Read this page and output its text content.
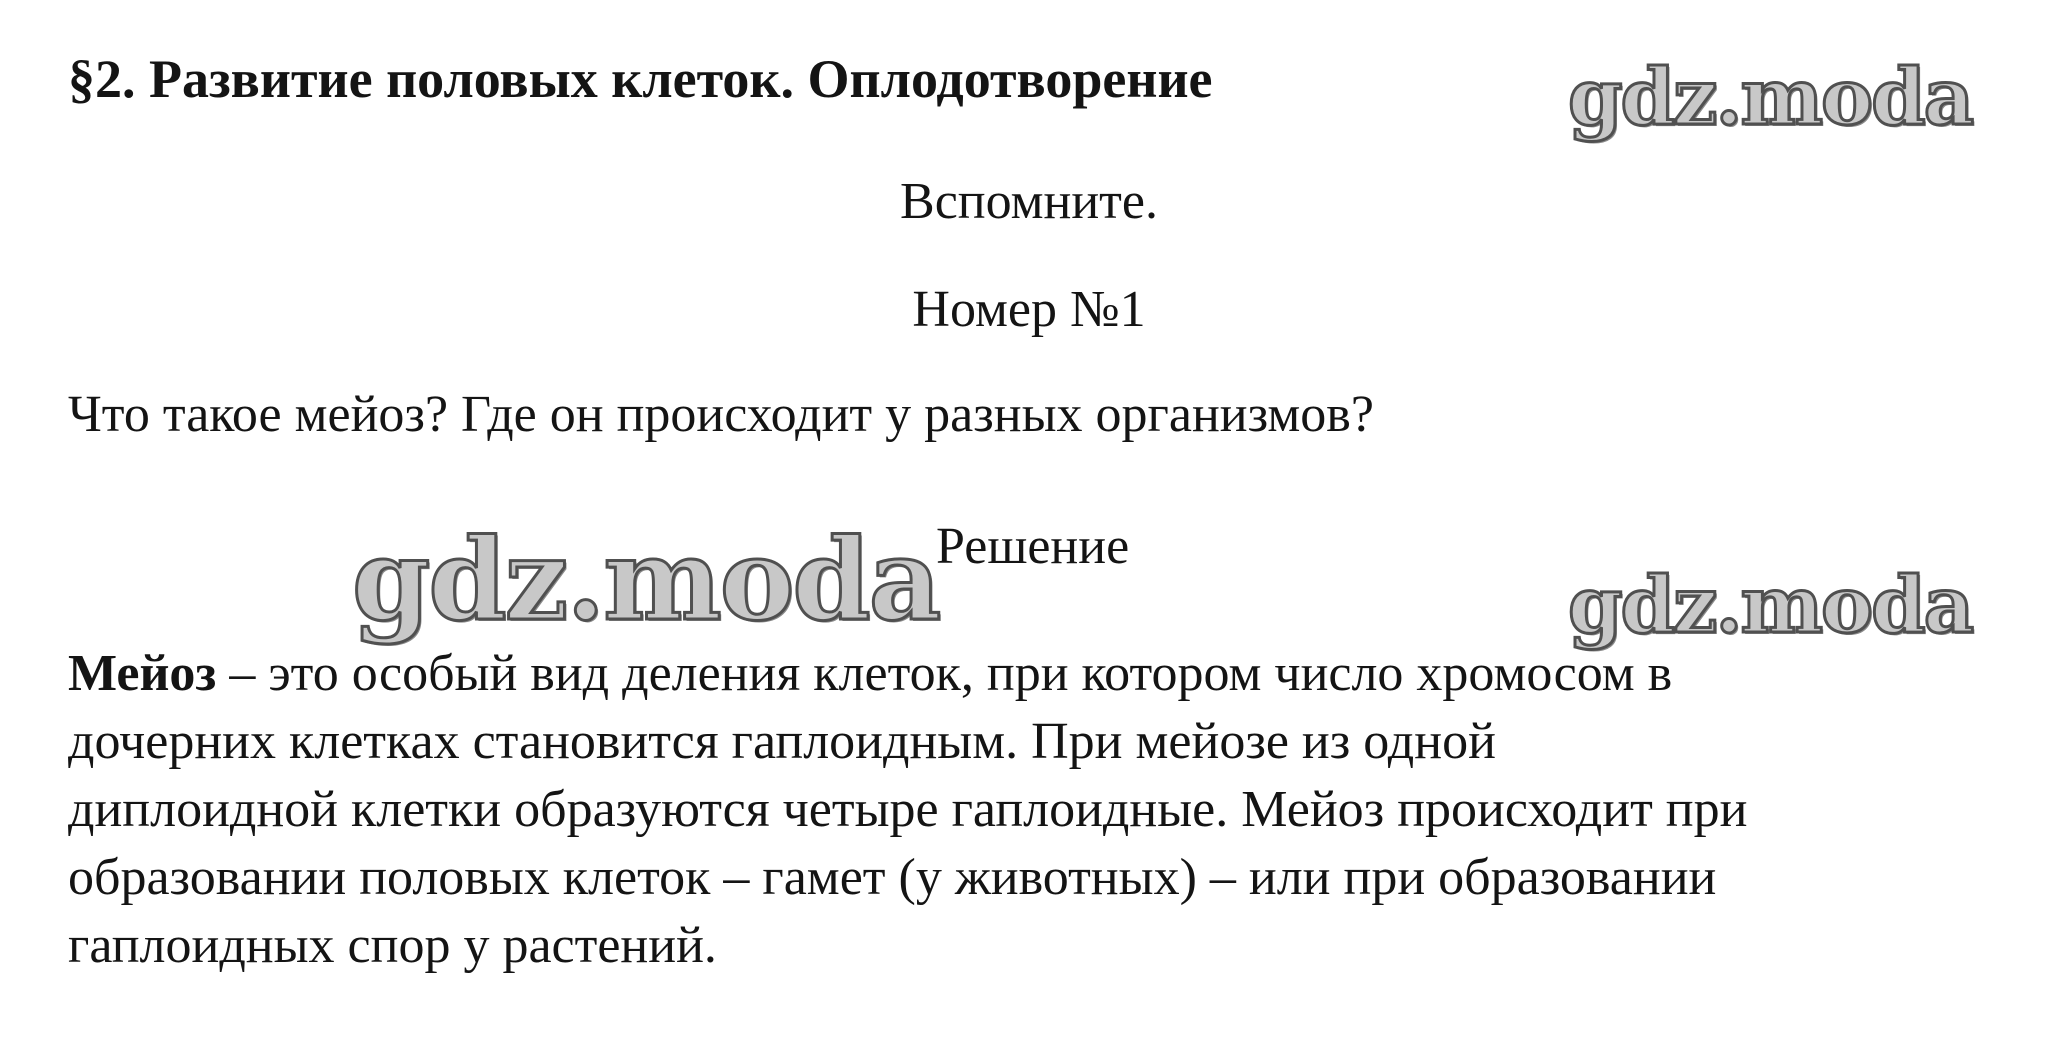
§2. Развитие половых клеток. Оплодотворение	gdz.moda

Вспомните.

Номер №1

Что такое мейоз? Где он происходит у разных организмов?

gdz.moda

Решение

gdz.moda
Мейоз – это особый вид деления клеток, при котором число хромосом в
дочерних клетках становится гаплоидным. При мейозе из одной
диплоидной клетки образуются четыре гаплоидные. Мейоз происходит при
образовании половых клеток – гамет (у животных) – или при образовании
гаплоидных спор у растений.
